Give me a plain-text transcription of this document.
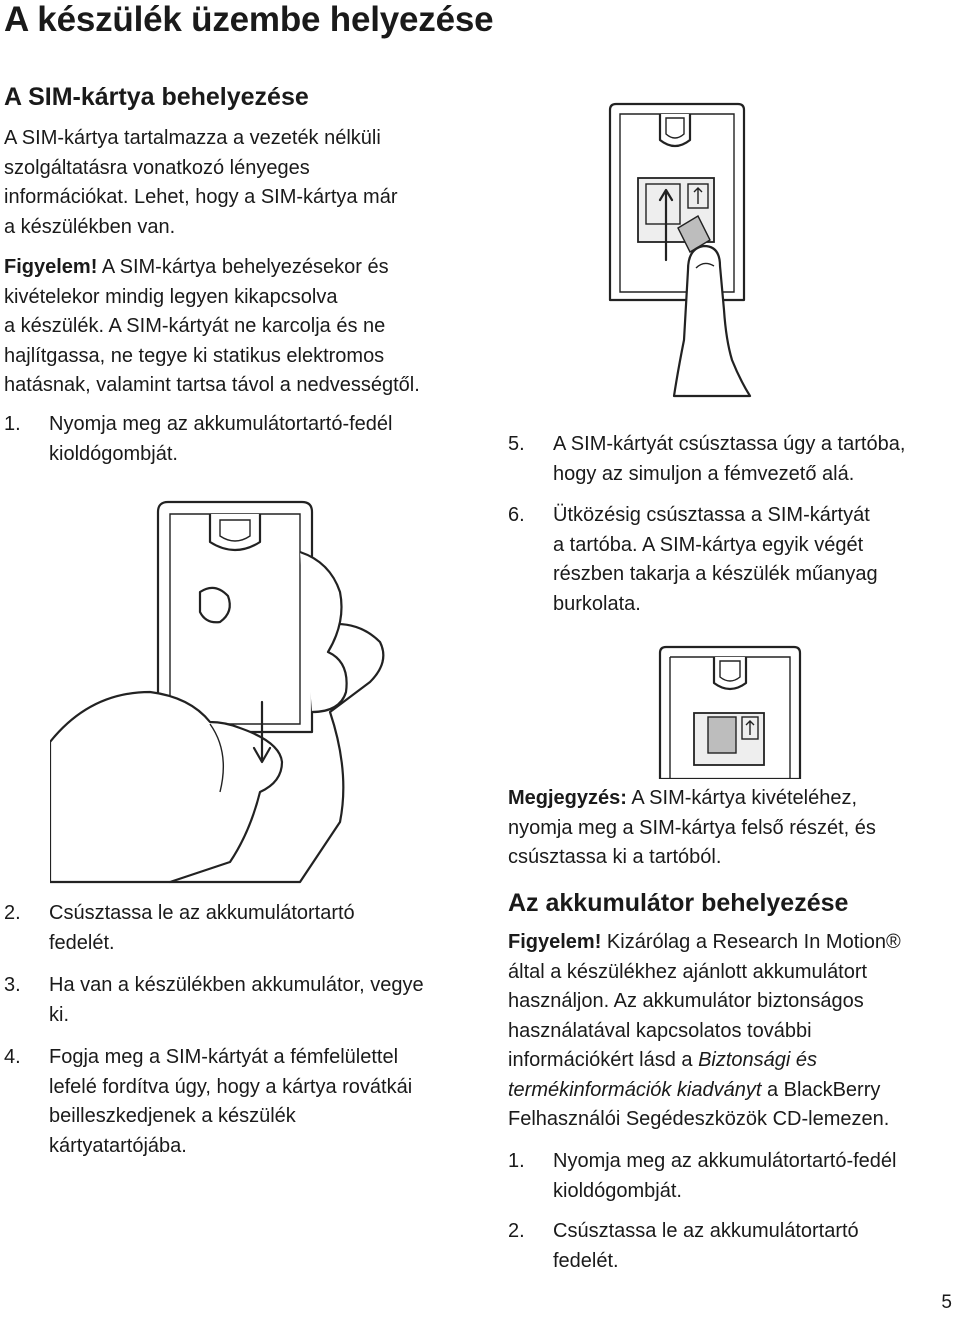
A készülék üzembe helyezése
A SIM-kártya behelyezése
A SIM-kártya tartalmazza a vezeték nélküli
szolgáltatásra vonatkozó lényeges
információkat. Lehet, hogy a SIM-kártya már
a készülékben van.
Figyelem! A SIM-kártya behelyezésekor és
kivételekor mindig legyen kikapcsolva
a készülék. A SIM-kártyát ne karcolja és ne
hajlítgassa, ne tegye ki statikus elektromos
hatásnak, valamint tartsa távol a nedvességtől.
1. Nyomja meg az akkumulátortartó-fedél
kioldógombját.
2. Csúsztassa le az akkumulátortartó
fedelét.
3. Ha van a készülékben akkumulátor, vegye
ki.
4. Fogja meg a SIM-kártyát a fémfelülettel
lefelé fordítva úgy, hogy a kártya rovátkái
beilleszkedjenek a készülék
kártyatartójába.
5. A SIM-kártyát csúsztassa úgy a tartóba,
hogy az simuljon a fémvezető alá.
6. Ütközésig csúsztassa a SIM-kártyát
a tartóba. A SIM-kártya egyik végét
részben takarja a készülék műanyag
burkolata.
Megjegyzés: A SIM-kártya kivételéhez,
nyomja meg a SIM-kártya felső részét, és
csúsztassa ki a tartóból.
Az akkumulátor behelyezése
Figyelem! Kizárólag a Research In Motion®
által a készülékhez ajánlott akkumulátort
használjon. Az akkumulátor biztonságos
használatával kapcsolatos további
információkért lásd a Biztonsági és
termékinformációk kiadványt a BlackBerry
Felhasználói Segédeszközök CD-lemezen.
1. Nyomja meg az akkumulátortartó-fedél
kioldógombját.
2. Csúsztassa le az akkumulátortartó
fedelét.
5
